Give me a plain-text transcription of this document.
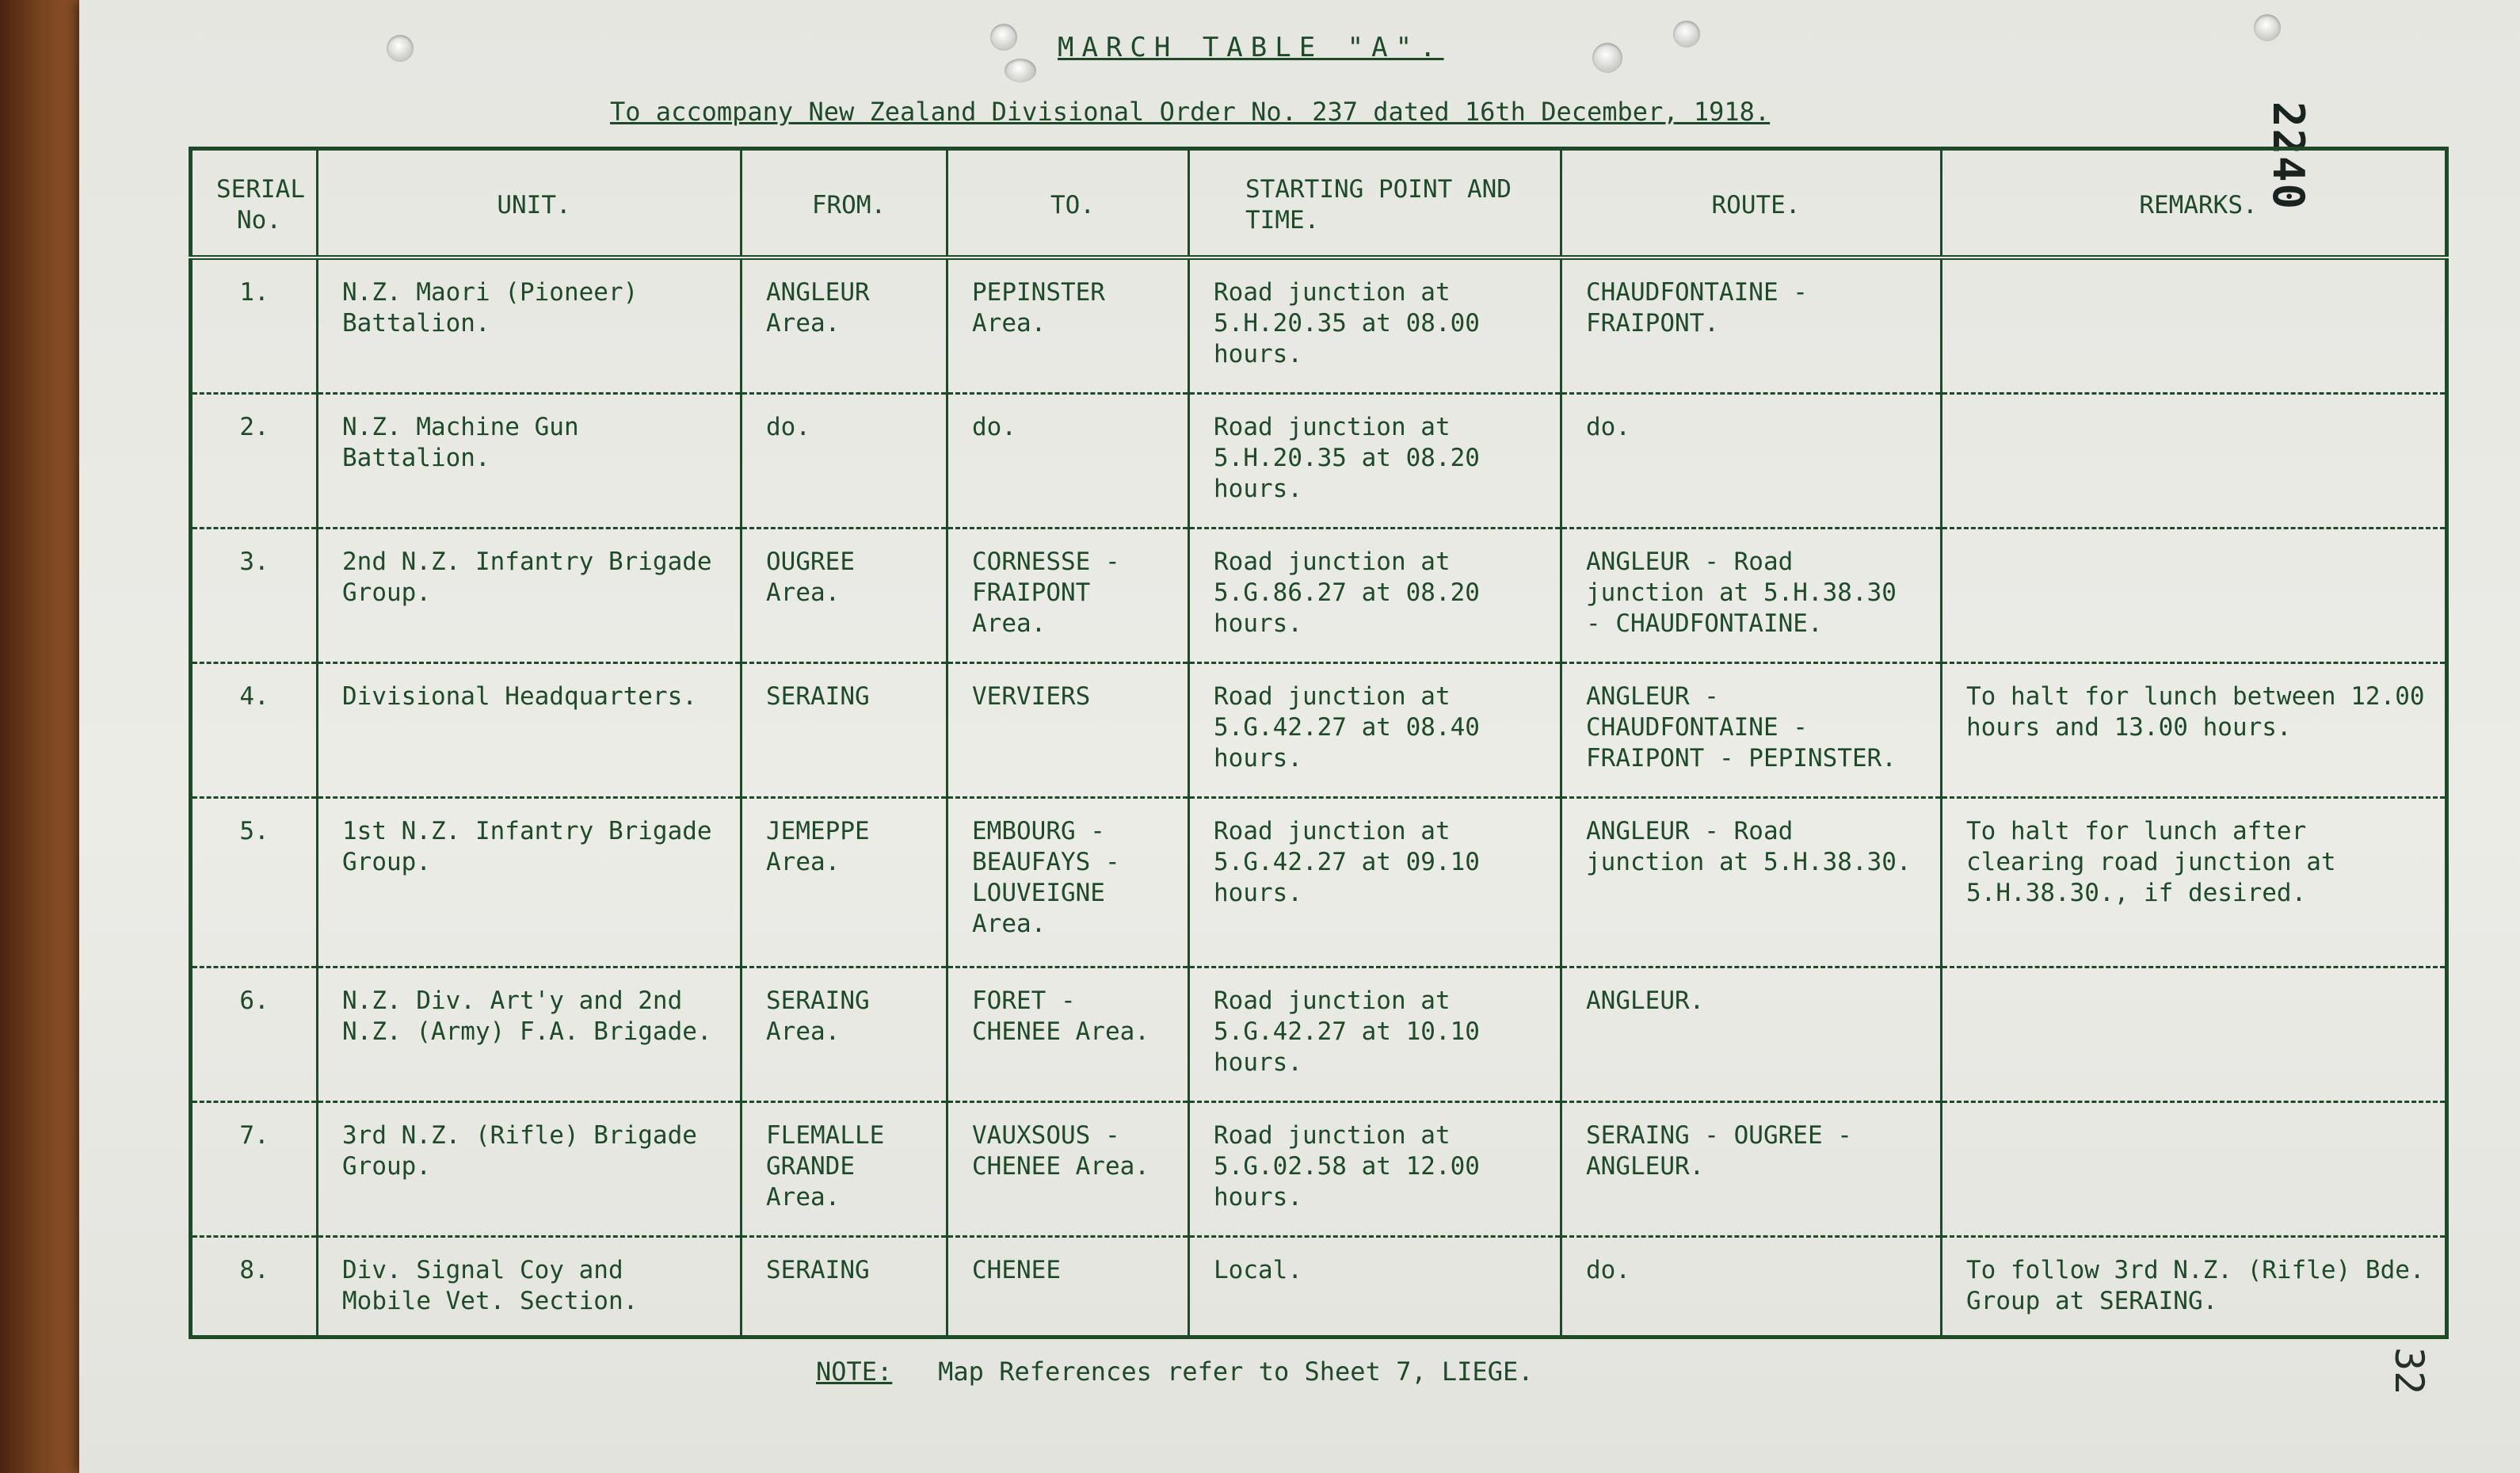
MARCH TABLE "A".
To accompany New Zealand Divisional Order No. 237 dated 16th December, 1918.	2240
SERIAL No.	UNIT.	FROM.	TO.	STARTING POINT AND TIME.	ROUTE.	REMARKS.
1.	N.Z. Maori (Pioneer) Battalion.	ANGLEUR Area.	PEPINSTER Area.	Road junction at 5.H.20.35 at 08.00 hours.	CHAUDFONTAINE - FRAIPONT.	
2.	N.Z. Machine Gun Battalion.	do.	do.	Road junction at 5.H.20.35 at 08.20 hours.	do.	
3.	2nd N.Z. Infantry Brigade Group.	OUGREE Area.	CORNESSE - FRAIPONT Area.	Road junction at 5.G.86.27 at 08.20 hours.	ANGLEUR - Road junction at 5.H.38.30 - CHAUDFONTAINE.	
4.	Divisional Headquarters.	SERAING	VERVIERS	Road junction at 5.G.42.27 at 08.40 hours.	ANGLEUR - CHAUDFONTAINE - FRAIPONT - PEPINSTER.	To halt for lunch between 12.00 hours and 13.00 hours.
5.	1st N.Z. Infantry Brigade Group.	JEMEPPE Area.	EMBOURG - BEAUFAYS - LOUVEIGNE Area.	Road junction at 5.G.42.27 at 09.10 hours.	ANGLEUR - Road junction at 5.H.38.30.	To halt for lunch after clearing road junction at 5.H.38.30., if desired.
6.	N.Z. Div. Art'y and 2nd N.Z. (Army) F.A. Brigade.	SERAING Area.	FORET - CHENEE Area.	Road junction at 5.G.42.27 at 10.10 hours.	ANGLEUR.	
7.	3rd N.Z. (Rifle) Brigade Group.	FLEMALLE GRANDE Area.	VAUXSOUS - CHENEE Area.	Road junction at 5.G.02.58 at 12.00 hours.	SERAING - OUGREE - ANGLEUR.	
8.	Div. Signal Coy and Mobile Vet. Section.	SERAING	CHENEE	Local.	do.	To follow 3rd N.Z. (Rifle) Bde. Group at SERAING.
NOTE: Map References refer to Sheet 7, LIEGE.	32
